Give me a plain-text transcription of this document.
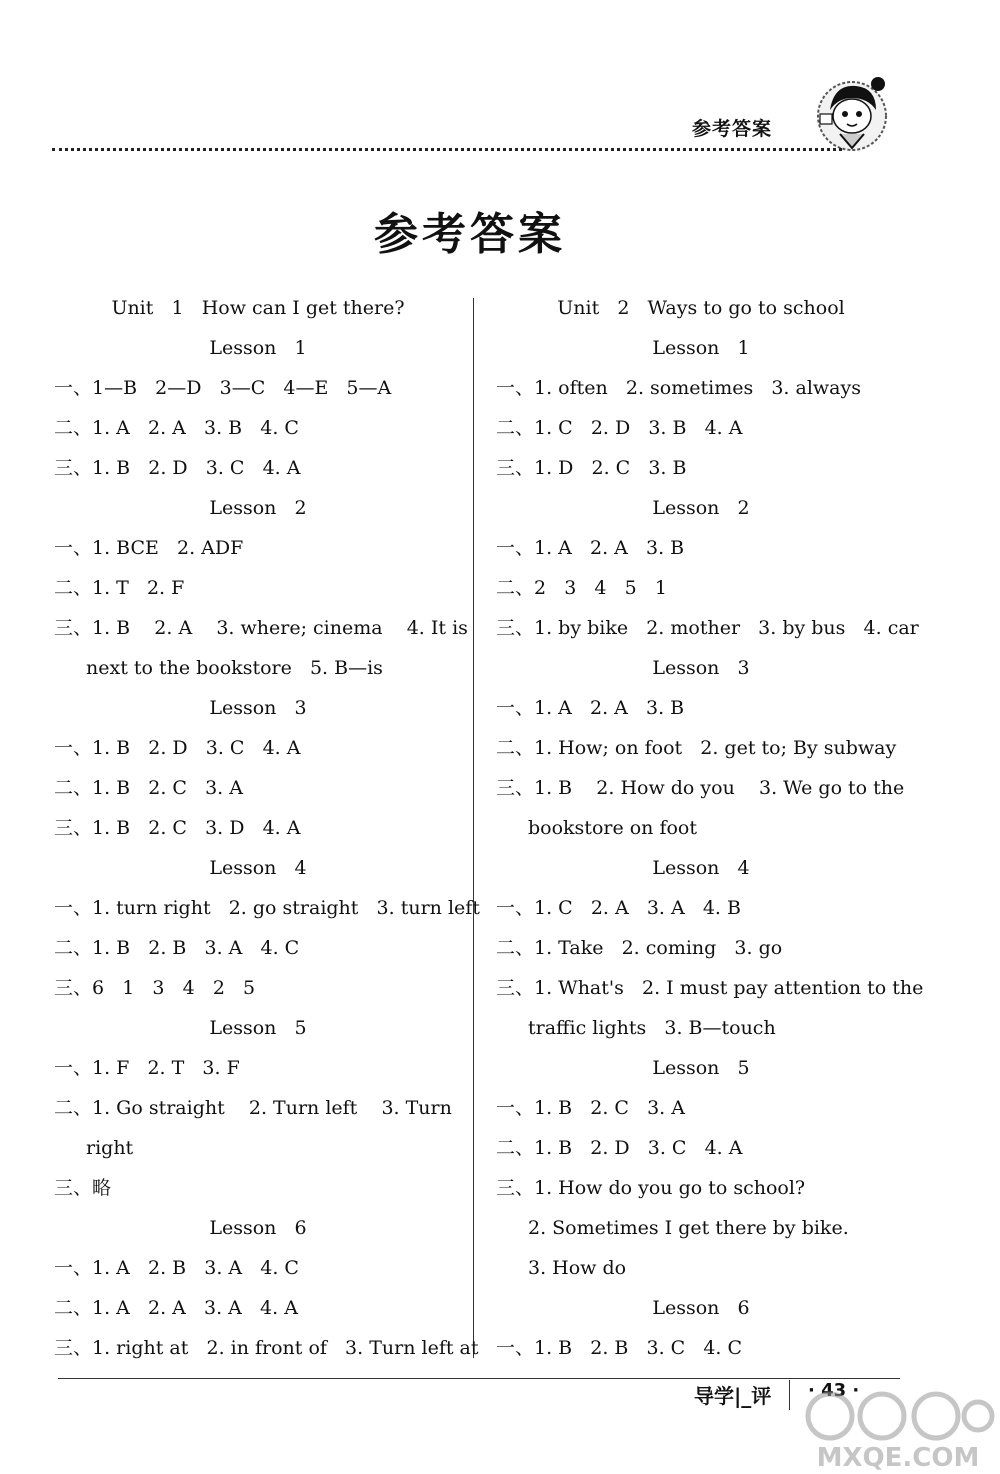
参考答案
参考答案
Unit   1   How can I get there?
Lesson   1
一、1—B   2—D   3—C   4—E   5—A
二、1. A   2. A   3. B   4. C
三、1. B   2. D   3. C   4. A
Lesson   2
一、1. BCE   2. ADF
二、1. T   2. F
三、1. B    2. A    3. where; cinema    4. It is
next to the bookstore   5. B—is
Lesson   3
一、1. B   2. D   3. C   4. A
二、1. B   2. C   3. A
三、1. B   2. C   3. D   4. A
Lesson   4
一、1. turn right   2. go straight   3. turn left
二、1. B   2. B   3. A   4. C
三、6   1   3   4   2   5
Lesson   5
一、1. F   2. T   3. F
二、1. Go straight    2. Turn left    3. Turn
right
三、略
Lesson   6
一、1. A   2. B   3. A   4. C
二、1. A   2. A   3. A   4. A
三、1. right at   2. in front of   3. Turn left at
Unit   2   Ways to go to school
Lesson   1
一、1. often   2. sometimes   3. always
二、1. C   2. D   3. B   4. A
三、1. D   2. C   3. B
Lesson   2
一、1. A   2. A   3. B
二、2   3   4   5   1
三、1. by bike   2. mother   3. by bus   4. car
Lesson   3
一、1. A   2. A   3. B
二、1. How; on foot   2. get to; By subway
三、1. B    2. How do you    3. We go to the
bookstore on foot
Lesson   4
一、1. C   2. A   3. A   4. B
二、1. Take   2. coming   3. go
三、1. What's   2. I must pay attention to the
traffic lights   3. B—touch
Lesson   5
一、1. B   2. C   3. A
二、1. B   2. D   3. C   4. A
三、1. How do you go to school?
2. Sometimes I get there by bike.
3. How do
Lesson   6
一、1. B   2. B   3. C   4. C
导学|_评 · 43 ·
MXQE.COM
